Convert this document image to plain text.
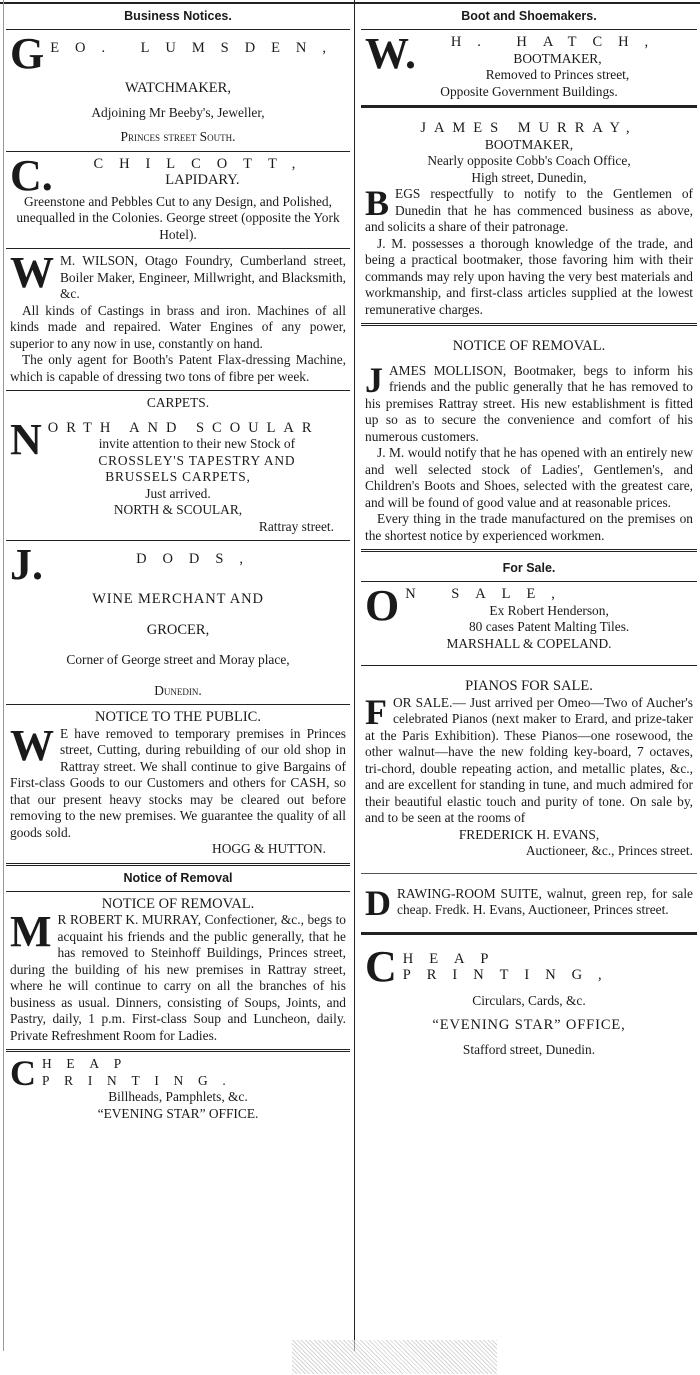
Business Notices.
G EO. LUMSDEN,

WATCHMAKER,

Adjoining Mr Beeby's, Jeweller,

Princes street South.

C.	CHILCOTT,

LAPIDARY.

Greenstone and Pebbles Cut to any Design, and Polished, unequalled in the Colonies. George street (opposite the York Hotel).

W M. WILSON, Otago Foundry, Cumberland street, Boiler Maker, Engineer, Millwright, and Blacksmith, &c.

All kinds of Castings in brass and iron. Machines of all kinds made and repaired. Water Engines of any power, superior to any now in use, constantly on hand.

The only agent for Booth's Patent Flax-dressing Machine, which is capable of dressing two tons of fibre per week.

CARPETS.

N ORTH AND SCOULAR

invite attention to their new Stock of

CROSSLEY'S TAPESTRY AND

BRUSSELS CARPETS,

Just arrived.

NORTH & SCOULAR,

Rattray street.

J.	DODS,

WINE MERCHANT AND

GROCER,

Corner of George street and Moray place,

Dunedin.

NOTICE TO THE PUBLIC.

W E have removed to temporary premises in Princes street, Cutting, during rebuilding of our old shop in Rattray street. We shall continue to give Bargains of First-class Goods to our Customers and others for CASH, so that our present heavy stocks may be cleared out before removing to the new premises. We guarantee the quality of all goods sold.

HOGG & HUTTON.

Notice of Removal

NOTICE OF REMOVAL.

M R ROBERT K. MURRAY, Confectioner, &c., begs to acquaint his friends and the public generally, that he has removed to Steinhoff Buildings, Princes street, during the building of his new premises in Rattray street, where he will continue to carry on all the branches of his business as usual. Dinners, consisting of Soups, Joints, and Pastry, daily, 1 p.m. First-class Soup and Luncheon, daily. Private Refreshment Room for Ladies.

C HEAP PRINTING.

Billheads, Pamphlets, &c.

“EVENING STAR” OFFICE.

Boot and Shoemakers.
W.	H. HATCH,

BOOTMAKER,

Removed to Princes street,

Opposite Government Buildings.

JAMES MURRAY,

BOOTMAKER,

Nearly opposite Cobb's Coach Office,

High street, Dunedin,

B EGS respectfully to notify to the Gentlemen of Dunedin that he has commenced business as above, and solicits a share of their patronage.

J. M. possesses a thorough knowledge of the trade, and being a practical bootmaker, those favoring him with their commands may rely upon having the very best materials and workmanship, and first-class articles supplied at the lowest remunerative charges.

NOTICE OF REMOVAL.

J AMES MOLLISON, Bootmaker, begs to inform his friends and the public generally that he has removed to his premises Rattray street. His new establishment is fitted up so as to secure the convenience and comfort of his numerous customers.

J. M. would notify that he has opened with an entirely new and well selected stock of Ladies', Gentlemen's, and Children's Boots and Shoes, selected with the greatest care, and will be found of good value and at reasonable prices.

Every thing in the trade manufactured on the premises on the shortest notice by experienced workmen.

For Sale.
O N SALE,

Ex Robert Henderson,

80 cases Patent Malting Tiles.

MARSHALL & COPELAND.

PIANOS FOR SALE.

F OR SALE.— Just arrived per Omeo—Two of Aucher's celebrated Pianos (next maker to Erard, and prize-taker at the Paris Exhibition). These Pianos—one rosewood, the other walnut—have the new folding key-board, 7 octaves, tri-chord, double repeating action, and metallic plates, &c., and are excellent for standing in tune, and much admired for their beautiful elastic touch and purity of tone. On sale by, and to be seen at the rooms of

FREDERICK H. EVANS,

Auctioneer, &c., Princes street.

D RAWING-ROOM SUITE, walnut, green rep, for sale cheap. Fredk. H. Evans, Auctioneer, Princes street.

C HEAP PRINTING,

Circulars, Cards, &c.

“EVENING STAR” OFFICE,

Stafford street, Dunedin.
